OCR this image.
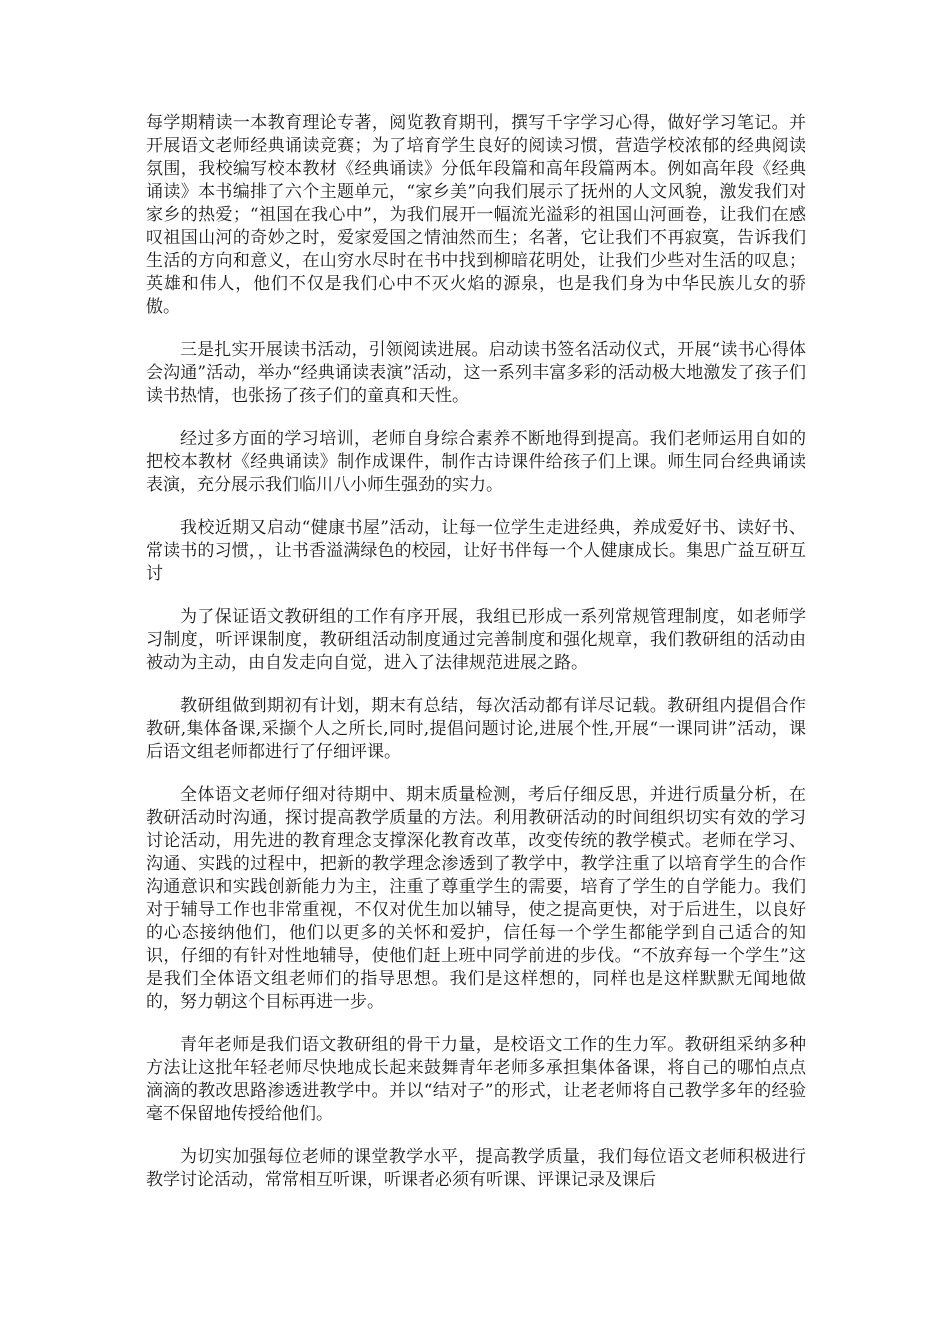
每学期精读一本教育理论专著，阅览教育期刊，撰写千字学习心得，做好学习笔记。并开展语文老师经典诵读竞赛；为了培育学生良好的阅读习惯，营造学校浓郁的经典阅读氛围，我校编写校本教材《经典诵读》分低年段篇和高年段篇两本。例如高年段《经典诵读》本书编排了六个主题单元，“家乡美”向我们展示了抚州的人文风貌，激发我们对家乡的热爱；“祖国在我心中”，为我们展开一幅流光溢彩的祖国山河画卷，让我们在感叹祖国山河的奇妙之时，爱家爱国之情油然而生；名著，它让我们不再寂寞，告诉我们生活的方向和意义，在山穷水尽时在书中找到柳暗花明处，让我们少些对生活的叹息；英雄和伟人，他们不仅是我们心中不灭火焰的源泉，也是我们身为中华民族儿女的骄傲。

三是扎实开展读书活动，引领阅读进展。启动读书签名活动仪式，开展“读书心得体会沟通”活动，举办“经典诵读表演”活动，这一系列丰富多彩的活动极大地激发了孩子们读书热情，也张扬了孩子们的童真和天性。

经过多方面的学习培训，老师自身综合素养不断地得到提高。我们老师运用自如的把校本教材《经典诵读》制作成课件，制作古诗课件给孩子们上课。师生同台经典诵读表演，充分展示我们临川八小师生强劲的实力。

我校近期又启动“健康书屋”活动，让每一位学生走进经典，养成爱好书、读好书、常读书的习惯，，让书香溢满绿色的校园，让好书伴每一个人健康成长。集思广益互研互讨

为了保证语文教研组的工作有序开展，我组已形成一系列常规管理制度，如老师学习制度，听评课制度，教研组活动制度通过完善制度和强化规章，我们教研组的活动由被动为主动，由自发走向自觉，进入了法律规范进展之路。

教研组做到期初有计划，期末有总结，每次活动都有详尽记载。教研组内提倡合作教研,集体备课,采撷个人之所长,同时,提倡问题讨论,进展个性,开展“一课同讲”活动，课后语文组老师都进行了仔细评课。

全体语文老师仔细对待期中、期末质量检测，考后仔细反思，并进行质量分析，在教研活动时沟通，探讨提高教学质量的方法。利用教研活动的时间组织切实有效的学习讨论活动，用先进的教育理念支撑深化教育改革，改变传统的教学模式。老师在学习、沟通、实践的过程中，把新的教学理念渗透到了教学中，教学注重了以培育学生的合作沟通意识和实践创新能力为主，注重了尊重学生的需要，培育了学生的自学能力。我们对于辅导工作也非常重视，不仅对优生加以辅导，使之提高更快，对于后进生，以良好的心态接纳他们，他们以更多的关怀和爱护，信任每一个学生都能学到自己适合的知识，仔细的有针对性地辅导，使他们赶上班中同学前进的步伐。“不放弃每一个学生”这是我们全体语文组老师们的指导思想。我们是这样想的，同样也是这样默默无闻地做的，努力朝这个目标再进一步。

青年老师是我们语文教研组的骨干力量，是校语文工作的生力军。教研组采纳多种方法让这批年轻老师尽快地成长起来鼓舞青年老师多承担集体备课，将自己的哪怕点点滴滴的教改思路渗透进教学中。并以“结对子”的形式，让老老师将自己教学多年的经验毫不保留地传授给他们。

为切实加强每位老师的课堂教学水平，提高教学质量，我们每位语文老师积极进行教学讨论活动，常常相互听课，听课者必须有听课、评课记录及课后
